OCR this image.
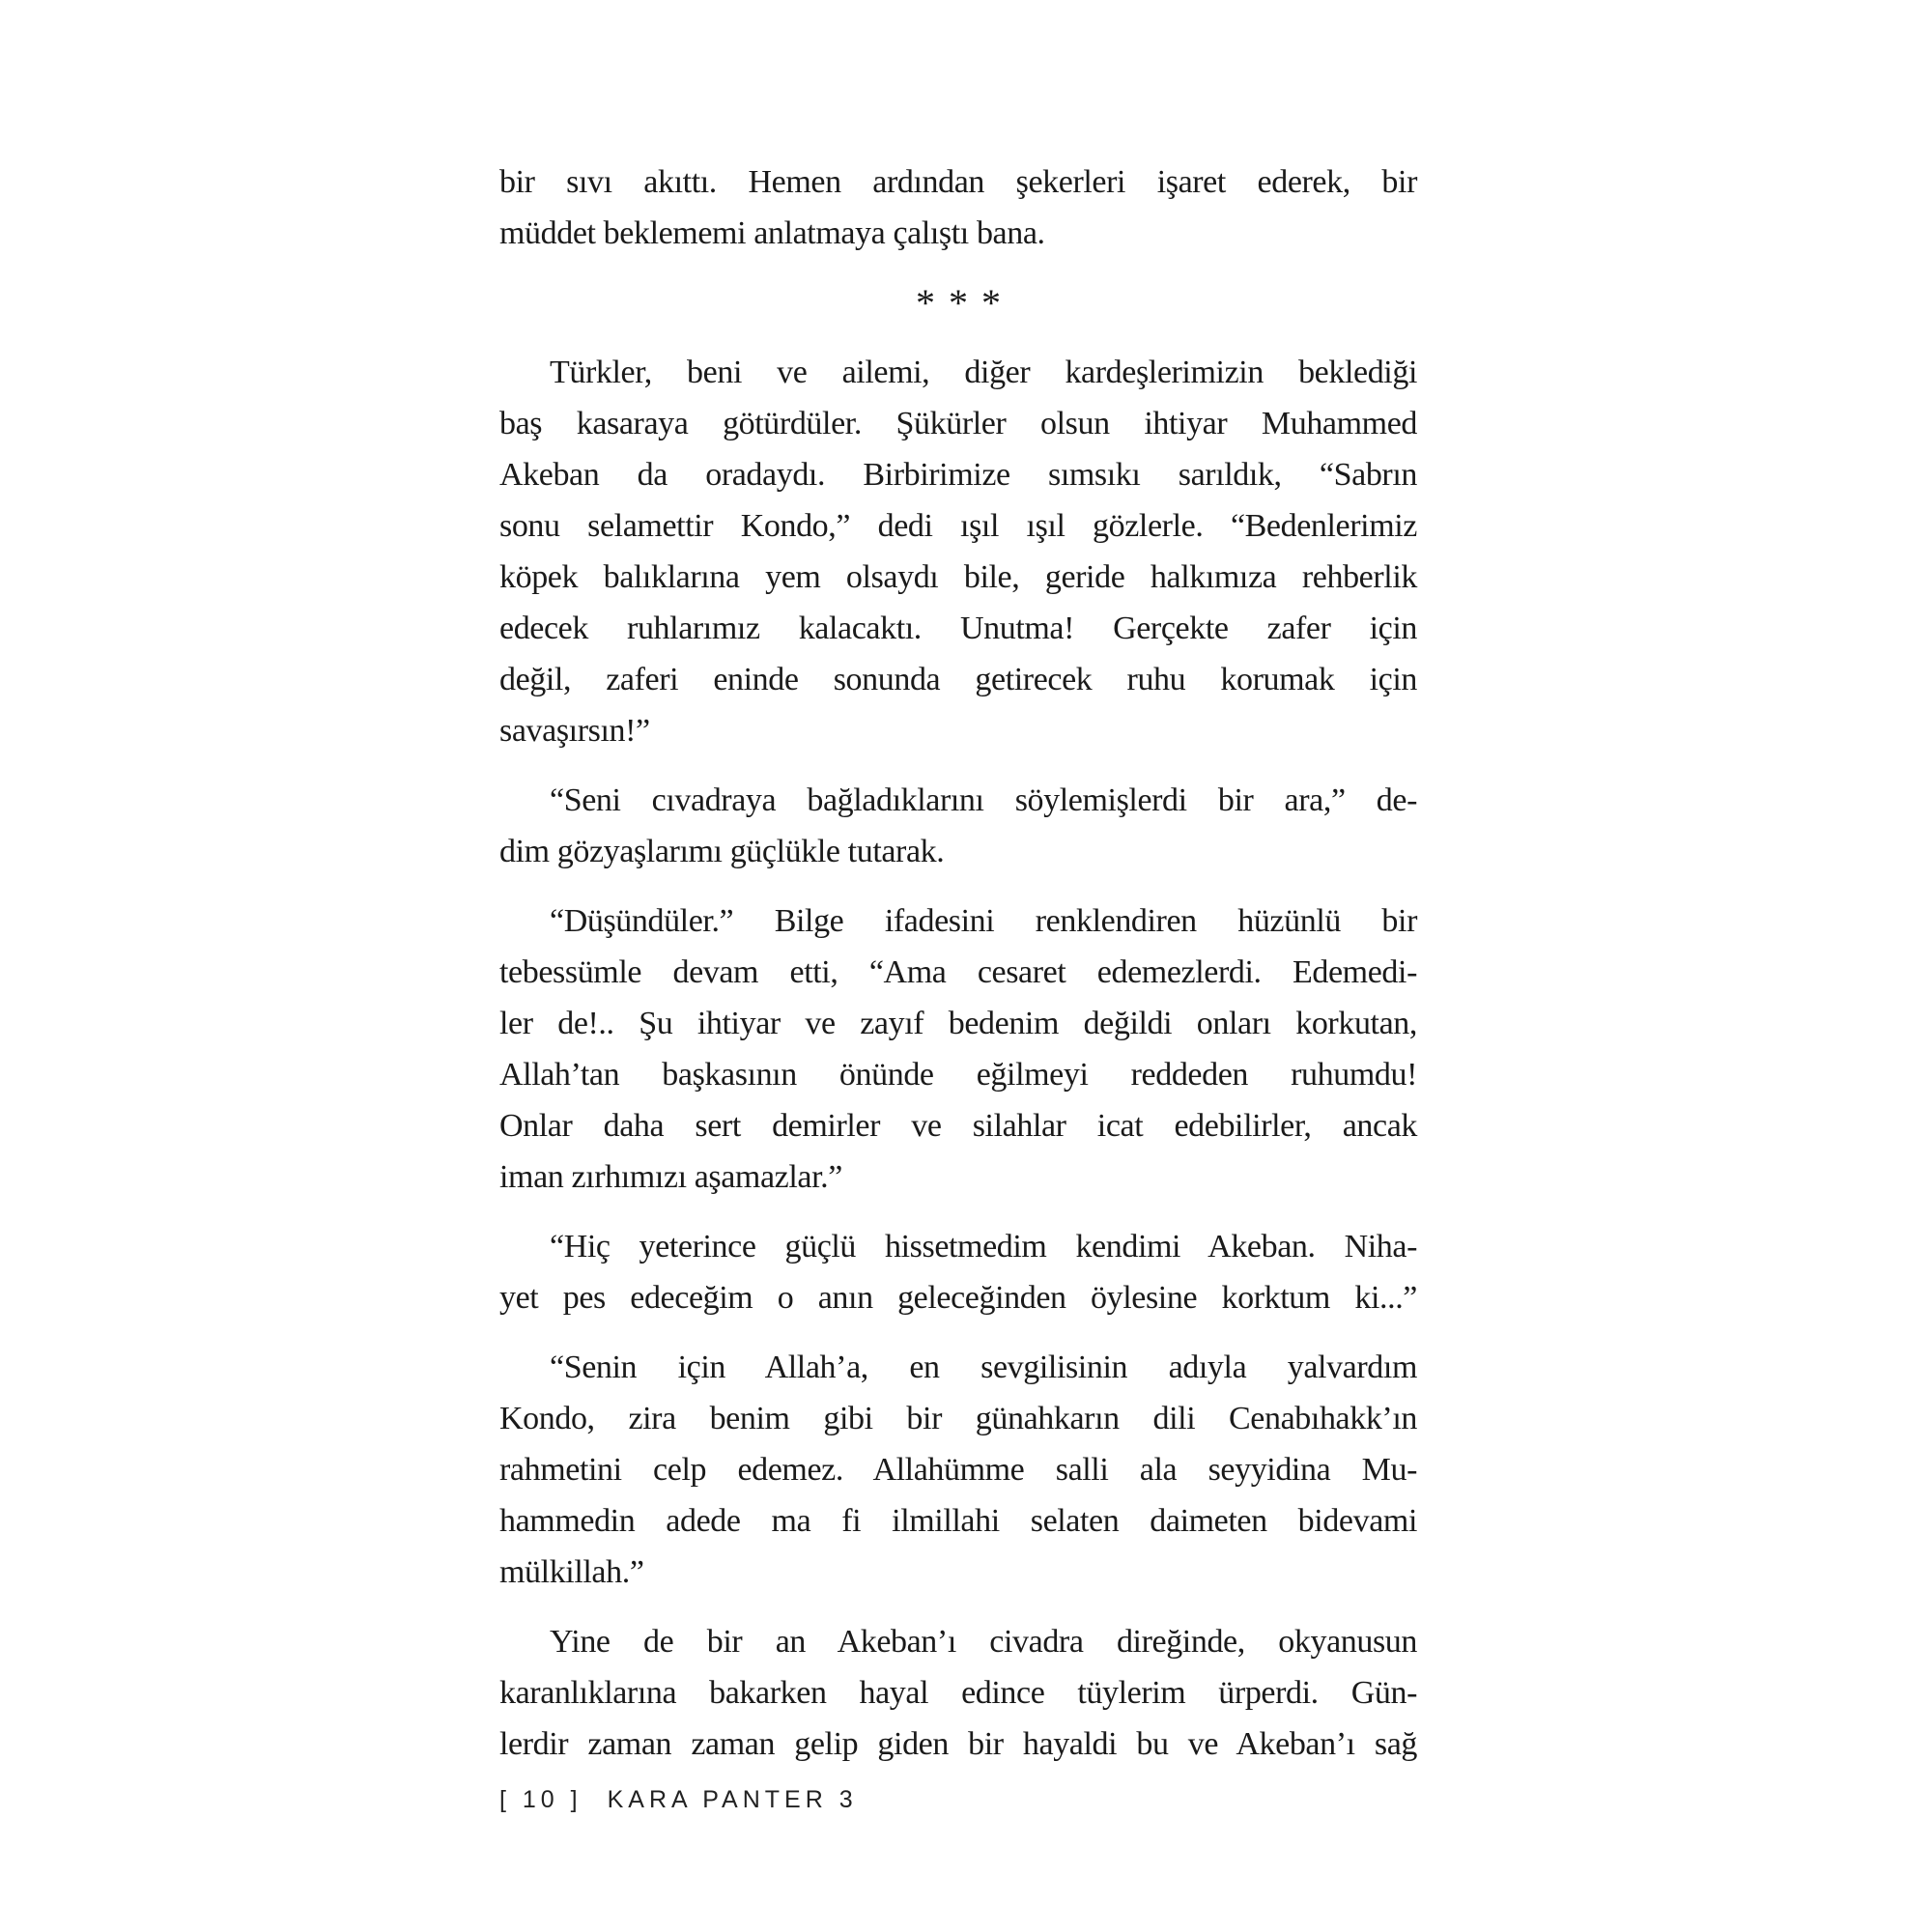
bir sıvı akıttı. Hemen ardından şekerleri işaret ederek, bir
müddet beklememi anlatmaya çalıştı bana.

***

Türkler, beni ve ailemi, diğer kardeşlerimizin beklediği
baş kasaraya götürdüler. Şükürler olsun ihtiyar Muhammed
Akeban da oradaydı. Birbirimize sımsıkı sarıldık, “Sabrın
sonu selamettir Kondo,” dedi ışıl ışıl gözlerle. “Bedenlerimiz
köpek balıklarına yem olsaydı bile, geride halkımıza rehberlik
edecek ruhlarımız kalacaktı. Unutma! Gerçekte zafer için
değil, zaferi eninde sonunda getirecek ruhu korumak için
savaşırsın!”

“Seni cıvadraya bağladıklarını söylemişlerdi bir ara,” de-
dim gözyaşlarımı güçlükle tutarak.

“Düşündüler.” Bilge ifadesini renklendiren hüzünlü bir
tebessümle devam etti, “Ama cesaret edemezlerdi. Edemedi-
ler de!.. Şu ihtiyar ve zayıf bedenim değildi onları korkutan,
Allah’tan başkasının önünde eğilmeyi reddeden ruhumdu!
Onlar daha sert demirler ve silahlar icat edebilirler, ancak
iman zırhımızı aşamazlar.”

“Hiç yeterince güçlü hissetmedim kendimi Akeban. Niha-
yet pes edeceğim o anın geleceğinden öylesine korktum ki...”

“Senin için Allah’a, en sevgilisinin adıyla yalvardım
Kondo, zira benim gibi bir günahkarın dili Cenabıhakk’ın
rahmetini celp edemez. Allahümme salli ala seyyidina Mu-
hammedin adede ma fi ilmillahi selaten daimeten bidevami
mülkillah.”

Yine de bir an Akeban’ı civadra direğinde, okyanusun
karanlıklarına bakarken hayal edince tüylerim ürperdi. Gün-
lerdir zaman zaman gelip giden bir hayaldi bu ve Akeban’ı sağ

[ 10 ] KARA PANTER 3
